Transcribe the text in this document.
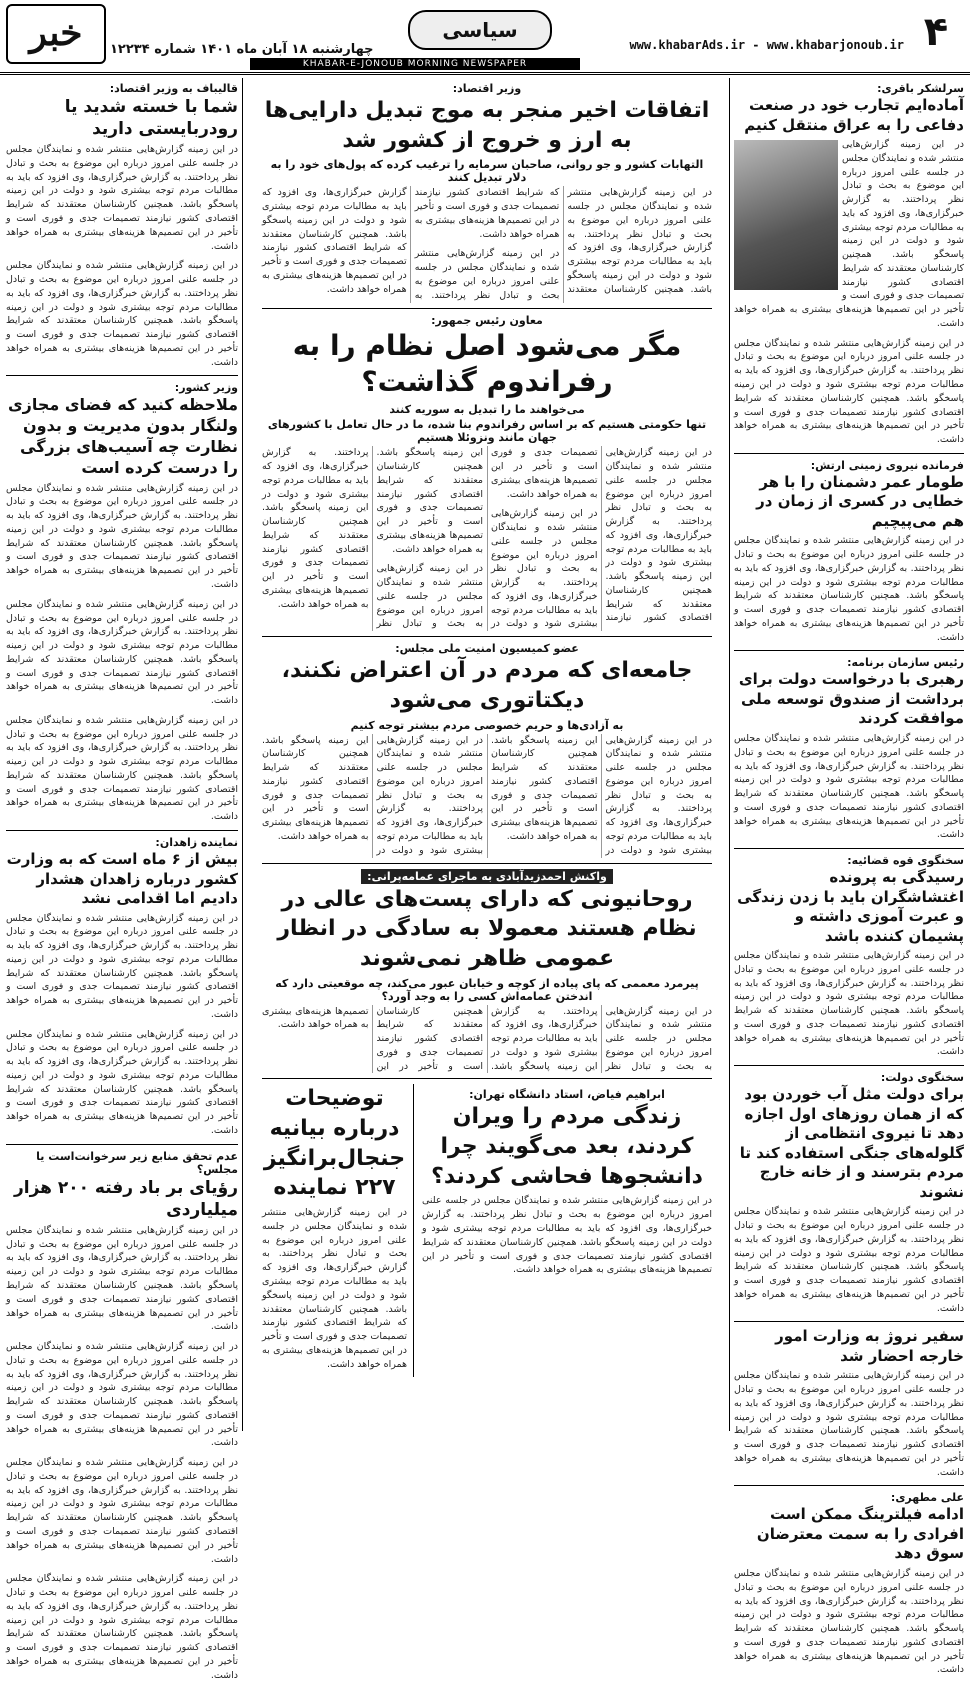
۴
سیاسی
www.khabarAds.ir - www.khabarjonoub.ir
چهارشنبه ۱۸ آبان ماه ۱۴۰۱ شماره ۱۲۲۳۴
خبر
KHABAR-E-JONOUB MORNING NEWSPAPER
سرلشکر باقری:
آماده‌ایم تجارب خود در صنعت دفاعی را به عراق منتقل کنیم

در این زمینه گزارش‌هایی منتشر شده و نمایندگان مجلس در جلسه علنی امروز درباره این موضوع به بحث و تبادل نظر پرداختند. به گزارش خبرگزاری‌ها، وی افزود که باید به مطالبات مردم توجه بیشتری شود و دولت در این زمینه پاسخگو باشد. همچنین کارشناسان معتقدند که شرایط اقتصادی کشور نیازمند تصمیمات جدی و فوری است و تأخیر در این تصمیم‌ها هزینه‌های بیشتری به همراه خواهد داشت.

در این زمینه گزارش‌هایی منتشر شده و نمایندگان مجلس در جلسه علنی امروز درباره این موضوع به بحث و تبادل نظر پرداختند. به گزارش خبرگزاری‌ها، وی افزود که باید به مطالبات مردم توجه بیشتری شود و دولت در این زمینه پاسخگو باشد. همچنین کارشناسان معتقدند که شرایط اقتصادی کشور نیازمند تصمیمات جدی و فوری است و تأخیر در این تصمیم‌ها هزینه‌های بیشتری به همراه خواهد داشت.

فرمانده نیروی زمینی ارتش:
طومار عمر دشمنان را با هر خطایی در کسری از زمان در هم می‌پیچیم

در این زمینه گزارش‌هایی منتشر شده و نمایندگان مجلس در جلسه علنی امروز درباره این موضوع به بحث و تبادل نظر پرداختند. به گزارش خبرگزاری‌ها، وی افزود که باید به مطالبات مردم توجه بیشتری شود و دولت در این زمینه پاسخگو باشد. همچنین کارشناسان معتقدند که شرایط اقتصادی کشور نیازمند تصمیمات جدی و فوری است و تأخیر در این تصمیم‌ها هزینه‌های بیشتری به همراه خواهد داشت.

رئیس سازمان برنامه:
رهبری با درخواست دولت برای برداشت از صندوق توسعه ملی موافقت کردند

در این زمینه گزارش‌هایی منتشر شده و نمایندگان مجلس در جلسه علنی امروز درباره این موضوع به بحث و تبادل نظر پرداختند. به گزارش خبرگزاری‌ها، وی افزود که باید به مطالبات مردم توجه بیشتری شود و دولت در این زمینه پاسخگو باشد. همچنین کارشناسان معتقدند که شرایط اقتصادی کشور نیازمند تصمیمات جدی و فوری است و تأخیر در این تصمیم‌ها هزینه‌های بیشتری به همراه خواهد داشت.

سخنگوی قوه قضائیه:
رسیدگی به پرونده اغتشاشگران باید با زدن زندگی و عبرت آموزی داشته و پشیمان کننده باشد

در این زمینه گزارش‌هایی منتشر شده و نمایندگان مجلس در جلسه علنی امروز درباره این موضوع به بحث و تبادل نظر پرداختند. به گزارش خبرگزاری‌ها، وی افزود که باید به مطالبات مردم توجه بیشتری شود و دولت در این زمینه پاسخگو باشد. همچنین کارشناسان معتقدند که شرایط اقتصادی کشور نیازمند تصمیمات جدی و فوری است و تأخیر در این تصمیم‌ها هزینه‌های بیشتری به همراه خواهد داشت.

سخنگوی دولت:
برای دولت مثل آب خوردن بود که از همان روزهای اول اجازه دهد تا نیروی انتظامی از گلوله‌های جنگی استفاده کند تا مردم بترسند و از خانه خارج نشوند

در این زمینه گزارش‌هایی منتشر شده و نمایندگان مجلس در جلسه علنی امروز درباره این موضوع به بحث و تبادل نظر پرداختند. به گزارش خبرگزاری‌ها، وی افزود که باید به مطالبات مردم توجه بیشتری شود و دولت در این زمینه پاسخگو باشد. همچنین کارشناسان معتقدند که شرایط اقتصادی کشور نیازمند تصمیمات جدی و فوری است و تأخیر در این تصمیم‌ها هزینه‌های بیشتری به همراه خواهد داشت.

سفیر نروژ به وزارت امور خارجه احضار شد

در این زمینه گزارش‌هایی منتشر شده و نمایندگان مجلس در جلسه علنی امروز درباره این موضوع به بحث و تبادل نظر پرداختند. به گزارش خبرگزاری‌ها، وی افزود که باید به مطالبات مردم توجه بیشتری شود و دولت در این زمینه پاسخگو باشد. همچنین کارشناسان معتقدند که شرایط اقتصادی کشور نیازمند تصمیمات جدی و فوری است و تأخیر در این تصمیم‌ها هزینه‌های بیشتری به همراه خواهد داشت.

علی مطهری:
ادامه فیلترینگ ممکن است افرادی را به سمت معترضان سوق دهد

در این زمینه گزارش‌هایی منتشر شده و نمایندگان مجلس در جلسه علنی امروز درباره این موضوع به بحث و تبادل نظر پرداختند. به گزارش خبرگزاری‌ها، وی افزود که باید به مطالبات مردم توجه بیشتری شود و دولت در این زمینه پاسخگو باشد. همچنین کارشناسان معتقدند که شرایط اقتصادی کشور نیازمند تصمیمات جدی و فوری است و تأخیر در این تصمیم‌ها هزینه‌های بیشتری به همراه خواهد داشت.

وزیر اقتصاد:
اتفاقات اخیر منجر به موج تبدیل دارایی‌ها به ارز و خروج از کشور شد
التهابات کشور و جو روانی، صاحبان سرمایه را ترغیب کرده که پول‌های خود را به دلار تبدیل کنند

در این زمینه گزارش‌هایی منتشر شده و نمایندگان مجلس در جلسه علنی امروز درباره این موضوع به بحث و تبادل نظر پرداختند. به گزارش خبرگزاری‌ها، وی افزود که باید به مطالبات مردم توجه بیشتری شود و دولت در این زمینه پاسخگو باشد. همچنین کارشناسان معتقدند که شرایط اقتصادی کشور نیازمند تصمیمات جدی و فوری است و تأخیر در این تصمیم‌ها هزینه‌های بیشتری به همراه خواهد داشت.

در این زمینه گزارش‌هایی منتشر شده و نمایندگان مجلس در جلسه علنی امروز درباره این موضوع به بحث و تبادل نظر پرداختند. به گزارش خبرگزاری‌ها، وی افزود که باید به مطالبات مردم توجه بیشتری شود و دولت در این زمینه پاسخگو باشد. همچنین کارشناسان معتقدند که شرایط اقتصادی کشور نیازمند تصمیمات جدی و فوری است و تأخیر در این تصمیم‌ها هزینه‌های بیشتری به همراه خواهد داشت.

معاون رئیس جمهور:
مگر می‌شود اصل نظام را به رفراندوم گذاشت؟
می‌خواهند ما را تبدیل به سوریه کنند
تنها حکومتی هستیم که بر اساس رفراندوم بنا شده، ما در حال تعامل با کشورهای جهان مانند ونزوئلا هستیم

در این زمینه گزارش‌هایی منتشر شده و نمایندگان مجلس در جلسه علنی امروز درباره این موضوع به بحث و تبادل نظر پرداختند. به گزارش خبرگزاری‌ها، وی افزود که باید به مطالبات مردم توجه بیشتری شود و دولت در این زمینه پاسخگو باشد. همچنین کارشناسان معتقدند که شرایط اقتصادی کشور نیازمند تصمیمات جدی و فوری است و تأخیر در این تصمیم‌ها هزینه‌های بیشتری به همراه خواهد داشت.

در این زمینه گزارش‌هایی منتشر شده و نمایندگان مجلس در جلسه علنی امروز درباره این موضوع به بحث و تبادل نظر پرداختند. به گزارش خبرگزاری‌ها، وی افزود که باید به مطالبات مردم توجه بیشتری شود و دولت در این زمینه پاسخگو باشد. همچنین کارشناسان معتقدند که شرایط اقتصادی کشور نیازمند تصمیمات جدی و فوری است و تأخیر در این تصمیم‌ها هزینه‌های بیشتری به همراه خواهد داشت.

در این زمینه گزارش‌هایی منتشر شده و نمایندگان مجلس در جلسه علنی امروز درباره این موضوع به بحث و تبادل نظر پرداختند. به گزارش خبرگزاری‌ها، وی افزود که باید به مطالبات مردم توجه بیشتری شود و دولت در این زمینه پاسخگو باشد. همچنین کارشناسان معتقدند که شرایط اقتصادی کشور نیازمند تصمیمات جدی و فوری است و تأخیر در این تصمیم‌ها هزینه‌های بیشتری به همراه خواهد داشت.

عضو کمیسیون امنیت ملی مجلس:
جامعه‌ای که مردم در آن اعتراض نکنند، دیکتاتوری می‌شود
به آزادی‌ها و حریم خصوصی مردم بیشتر توجه کنیم

در این زمینه گزارش‌هایی منتشر شده و نمایندگان مجلس در جلسه علنی امروز درباره این موضوع به بحث و تبادل نظر پرداختند. به گزارش خبرگزاری‌ها، وی افزود که باید به مطالبات مردم توجه بیشتری شود و دولت در این زمینه پاسخگو باشد. همچنین کارشناسان معتقدند که شرایط اقتصادی کشور نیازمند تصمیمات جدی و فوری است و تأخیر در این تصمیم‌ها هزینه‌های بیشتری به همراه خواهد داشت.

در این زمینه گزارش‌هایی منتشر شده و نمایندگان مجلس در جلسه علنی امروز درباره این موضوع به بحث و تبادل نظر پرداختند. به گزارش خبرگزاری‌ها، وی افزود که باید به مطالبات مردم توجه بیشتری شود و دولت در این زمینه پاسخگو باشد. همچنین کارشناسان معتقدند که شرایط اقتصادی کشور نیازمند تصمیمات جدی و فوری است و تأخیر در این تصمیم‌ها هزینه‌های بیشتری به همراه خواهد داشت.

واکنش احمدزیدآبادی به ماجرای عمامه‌پرانی:
روحانیونی که دارای پست‌های عالی در نظام هستند معمولا به سادگی در انظار عمومی ظاهر نمی‌شوند
پیرمرد معممی که پای پیاده از کوچه و خیابان عبور می‌کند، چه موقعیتی دارد که اندختن عمامه‌اش کسی را به وجد آورد؟

در این زمینه گزارش‌هایی منتشر شده و نمایندگان مجلس در جلسه علنی امروز درباره این موضوع به بحث و تبادل نظر پرداختند. به گزارش خبرگزاری‌ها، وی افزود که باید به مطالبات مردم توجه بیشتری شود و دولت در این زمینه پاسخگو باشد. همچنین کارشناسان معتقدند که شرایط اقتصادی کشور نیازمند تصمیمات جدی و فوری است و تأخیر در این تصمیم‌ها هزینه‌های بیشتری به همراه خواهد داشت.

ابراهیم فیاض، استاد دانشگاه تهران:
زندگی مردم را ویران کردند، بعد می‌گویند چرا دانشجوها فحاشی کردند؟

در این زمینه گزارش‌هایی منتشر شده و نمایندگان مجلس در جلسه علنی امروز درباره این موضوع به بحث و تبادل نظر پرداختند. به گزارش خبرگزاری‌ها، وی افزود که باید به مطالبات مردم توجه بیشتری شود و دولت در این زمینه پاسخگو باشد. همچنین کارشناسان معتقدند که شرایط اقتصادی کشور نیازمند تصمیمات جدی و فوری است و تأخیر در این تصمیم‌ها هزینه‌های بیشتری به همراه خواهد داشت.

توضیحات درباره بیانیه جنجال‌برانگیز ۲۲۷ نماینده

در این زمینه گزارش‌هایی منتشر شده و نمایندگان مجلس در جلسه علنی امروز درباره این موضوع به بحث و تبادل نظر پرداختند. به گزارش خبرگزاری‌ها، وی افزود که باید به مطالبات مردم توجه بیشتری شود و دولت در این زمینه پاسخگو باشد. همچنین کارشناسان معتقدند که شرایط اقتصادی کشور نیازمند تصمیمات جدی و فوری است و تأخیر در این تصمیم‌ها هزینه‌های بیشتری به همراه خواهد داشت.

قالیباف به وزیر اقتصاد:
شما با خسته شدید یا رودربایستی دارید

در این زمینه گزارش‌هایی منتشر شده و نمایندگان مجلس در جلسه علنی امروز درباره این موضوع به بحث و تبادل نظر پرداختند. به گزارش خبرگزاری‌ها، وی افزود که باید به مطالبات مردم توجه بیشتری شود و دولت در این زمینه پاسخگو باشد. همچنین کارشناسان معتقدند که شرایط اقتصادی کشور نیازمند تصمیمات جدی و فوری است و تأخیر در این تصمیم‌ها هزینه‌های بیشتری به همراه خواهد داشت.

در این زمینه گزارش‌هایی منتشر شده و نمایندگان مجلس در جلسه علنی امروز درباره این موضوع به بحث و تبادل نظر پرداختند. به گزارش خبرگزاری‌ها، وی افزود که باید به مطالبات مردم توجه بیشتری شود و دولت در این زمینه پاسخگو باشد. همچنین کارشناسان معتقدند که شرایط اقتصادی کشور نیازمند تصمیمات جدی و فوری است و تأخیر در این تصمیم‌ها هزینه‌های بیشتری به همراه خواهد داشت.

وزیر کشور:
ملاحظه کنید که فضای مجازی ولنگار بدون مدیریت و بدون نظارت چه آسیب‌های بزرگی را درست کرده است

در این زمینه گزارش‌هایی منتشر شده و نمایندگان مجلس در جلسه علنی امروز درباره این موضوع به بحث و تبادل نظر پرداختند. به گزارش خبرگزاری‌ها، وی افزود که باید به مطالبات مردم توجه بیشتری شود و دولت در این زمینه پاسخگو باشد. همچنین کارشناسان معتقدند که شرایط اقتصادی کشور نیازمند تصمیمات جدی و فوری است و تأخیر در این تصمیم‌ها هزینه‌های بیشتری به همراه خواهد داشت.

در این زمینه گزارش‌هایی منتشر شده و نمایندگان مجلس در جلسه علنی امروز درباره این موضوع به بحث و تبادل نظر پرداختند. به گزارش خبرگزاری‌ها، وی افزود که باید به مطالبات مردم توجه بیشتری شود و دولت در این زمینه پاسخگو باشد. همچنین کارشناسان معتقدند که شرایط اقتصادی کشور نیازمند تصمیمات جدی و فوری است و تأخیر در این تصمیم‌ها هزینه‌های بیشتری به همراه خواهد داشت.

در این زمینه گزارش‌هایی منتشر شده و نمایندگان مجلس در جلسه علنی امروز درباره این موضوع به بحث و تبادل نظر پرداختند. به گزارش خبرگزاری‌ها، وی افزود که باید به مطالبات مردم توجه بیشتری شود و دولت در این زمینه پاسخگو باشد. همچنین کارشناسان معتقدند که شرایط اقتصادی کشور نیازمند تصمیمات جدی و فوری است و تأخیر در این تصمیم‌ها هزینه‌های بیشتری به همراه خواهد داشت.

نماینده زاهدان:
بیش از ۶ ماه است که به وزارت کشور درباره زاهدان هشدار دادیم اما اقدامی نشد

در این زمینه گزارش‌هایی منتشر شده و نمایندگان مجلس در جلسه علنی امروز درباره این موضوع به بحث و تبادل نظر پرداختند. به گزارش خبرگزاری‌ها، وی افزود که باید به مطالبات مردم توجه بیشتری شود و دولت در این زمینه پاسخگو باشد. همچنین کارشناسان معتقدند که شرایط اقتصادی کشور نیازمند تصمیمات جدی و فوری است و تأخیر در این تصمیم‌ها هزینه‌های بیشتری به همراه خواهد داشت.

در این زمینه گزارش‌هایی منتشر شده و نمایندگان مجلس در جلسه علنی امروز درباره این موضوع به بحث و تبادل نظر پرداختند. به گزارش خبرگزاری‌ها، وی افزود که باید به مطالبات مردم توجه بیشتری شود و دولت در این زمینه پاسخگو باشد. همچنین کارشناسان معتقدند که شرایط اقتصادی کشور نیازمند تصمیمات جدی و فوری است و تأخیر در این تصمیم‌ها هزینه‌های بیشتری به همراه خواهد داشت.

عدم تحقق منابع زیر سرخوانت‌است یا مجلس؟
رؤیای بر باد رفته ۲۰۰ هزار میلیاردی

در این زمینه گزارش‌هایی منتشر شده و نمایندگان مجلس در جلسه علنی امروز درباره این موضوع به بحث و تبادل نظر پرداختند. به گزارش خبرگزاری‌ها، وی افزود که باید به مطالبات مردم توجه بیشتری شود و دولت در این زمینه پاسخگو باشد. همچنین کارشناسان معتقدند که شرایط اقتصادی کشور نیازمند تصمیمات جدی و فوری است و تأخیر در این تصمیم‌ها هزینه‌های بیشتری به همراه خواهد داشت.

در این زمینه گزارش‌هایی منتشر شده و نمایندگان مجلس در جلسه علنی امروز درباره این موضوع به بحث و تبادل نظر پرداختند. به گزارش خبرگزاری‌ها، وی افزود که باید به مطالبات مردم توجه بیشتری شود و دولت در این زمینه پاسخگو باشد. همچنین کارشناسان معتقدند که شرایط اقتصادی کشور نیازمند تصمیمات جدی و فوری است و تأخیر در این تصمیم‌ها هزینه‌های بیشتری به همراه خواهد داشت.

در این زمینه گزارش‌هایی منتشر شده و نمایندگان مجلس در جلسه علنی امروز درباره این موضوع به بحث و تبادل نظر پرداختند. به گزارش خبرگزاری‌ها، وی افزود که باید به مطالبات مردم توجه بیشتری شود و دولت در این زمینه پاسخگو باشد. همچنین کارشناسان معتقدند که شرایط اقتصادی کشور نیازمند تصمیمات جدی و فوری است و تأخیر در این تصمیم‌ها هزینه‌های بیشتری به همراه خواهد داشت.

در این زمینه گزارش‌هایی منتشر شده و نمایندگان مجلس در جلسه علنی امروز درباره این موضوع به بحث و تبادل نظر پرداختند. به گزارش خبرگزاری‌ها، وی افزود که باید به مطالبات مردم توجه بیشتری شود و دولت در این زمینه پاسخگو باشد. همچنین کارشناسان معتقدند که شرایط اقتصادی کشور نیازمند تصمیمات جدی و فوری است و تأخیر در این تصمیم‌ها هزینه‌های بیشتری به همراه خواهد داشت.
